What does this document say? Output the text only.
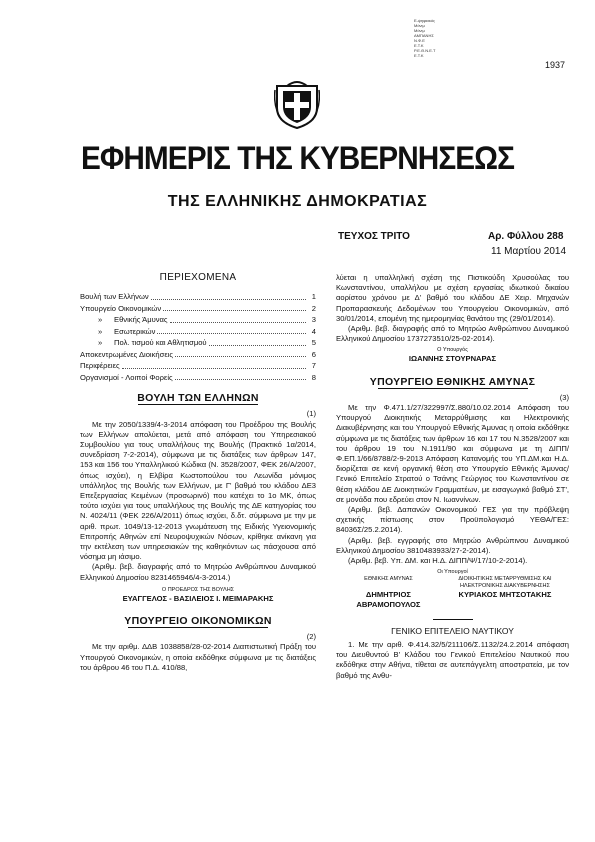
Ε-ψηφιακός
Μόνιμ
Μόνιμ
ΑΜΠΑΝΗΣ
Ν.Φ.Ε
Ε.Τ.Κ
Ρ.Ε.Θ.Ν.Ε.Τ
Ε.Τ.Κ
1937
ΕΦΗΜΕΡΙΣ ΤΗΣ ΚΥΒΕΡΝΗΣΕΩΣ
ΤΗΣ ΕΛΛΗΝΙΚΗΣ ΔΗΜΟΚΡΑΤΙΑΣ
ΤΕΥΧΟΣ ΤΡΙΤΟ	Αρ. Φύλλου 288
11 Μαρτίου 2014
ΠΕΡΙΕΧΟΜΕΝΑ
Βουλή των Ελλήνων	1
Υπουργείο Οικονομικών	2
»	Εθνικής Άμυνας	3
»	Εσωτερικών	4
»	Πολ. τισμού και Αθλητισμού	5
Αποκεντρωμένες Διοικήσεις	6
Περιφέρειες	7
Οργανισμοί - Λοιποί Φορείς	8
ΒΟΥΛΗ ΤΩΝ ΕΛΛΗΝΩΝ
(1)
Με την 2050/1339/4-3-2014 απόφαση του Προέδρου της Βουλής των Ελλήνων απολύεται, μετά από απόφαση του Υπηρεσιακού Συμβουλίου για τους υπαλλήλους της Βουλής (Πρακτικό 1α/2014, συνεδρίαση 7-2-2014), σύμφωνα με τις διατάξεις των άρθρων 147, 153 και 156 του Υπαλληλικού Κώδικα (Ν. 3528/2007, ΦΕΚ 26/Α/2007, όπως ισχύει), η Ελβίρα Κωστοπούλου του Λεωνίδα μόνιμος υπάλληλος της Βουλής των Ελλήνων, με Γ' βαθμό του κλάδου ΔΕ3 Επεξεργασίας Κειμένων (προσωρινό) που κατέχει το 1ο ΜΚ, όπως τούτο ισχύει για τους υπαλλήλους της Βουλής της ΔΕ κατηγορίας του Ν. 4024/11 (ΦΕΚ 226/Α/2011) όπως ισχύει, δ.δτ. σύμφωνα με την με αριθ. πρωτ. 1049/13-12-2013 γνωμάτευση της Ειδικής Υγειονομικής Επιτροπής Αθηνών επί Νευροψυχικών Νόσων, κρίθηκε ανίκανη για την εκτέλεση των υπηρεσιακών της καθηκόντων ως πάσχουσα από νόσημα μη ιάσιμο.
(Αριθμ. βεβ. διαγραφής από το Μητρώο Ανθρώπινου Δυναμικού Ελληνικού Δημοσίου 8231465946/4-3-2014.)
Ο ΠΡΟΕΔΡΟΣ ΤΗΣ ΒΟΥΛΗΣ
ΕΥΑΓΓΕΛΟΣ - ΒΑΣΙΛΕΙΟΣ Ι. ΜΕΙΜΑΡΑΚΗΣ
ΥΠΟΥΡΓΕΙΟ ΟΙΚΟΝΟΜΙΚΩΝ
(2)
Με την αριθμ. ΔΔΒ 1038858/28-02-2014 Διαπιστωτική Πράξη του Υπουργού Οικονομικών, η οποία εκδόθηκε σύμφωνα με τις διατάξεις του άρθρου 46 του Π.Δ. 410/88,
λύεται η υπαλληλική σχέση της Πιστικούδη Χρυσούλας του Κωνσταντίνου, υπαλλήλου με σχέση εργασίας ιδιωτικού δικαίου αορίστου χρόνου με Δ' βαθμό του κλάδου ΔΕ Χειρ. Μηχανών Προπαρασκευής Δεδομένων του Υπουργείου Οικονομικών, από 30/01/2014, επομένη της ημερομηνίας θανάτου της (29/01/2014).
(Αριθμ. βεβ. διαγραφής από το Μητρώο Ανθρώπινου Δυναμικού Ελληνικού Δημοσίου 1737273510/25-02-2014).
Ο Υπουργός
ΙΩΑΝΝΗΣ ΣΤΟΥΡΝΑΡΑΣ
ΥΠΟΥΡΓΕΙΟ ΕΘΝΙΚΗΣ ΑΜΥΝΑΣ
(3)
Με την Φ.471.1/27/322997/Σ.880/10.02.2014 Απόφαση του Υπουργού Διοικητικής Μεταρρύθμισης και Ηλεκτρονικής Διακυβέρνησης και του Υπουργού Εθνικής Άμυνας η οποία εκδόθηκε σύμφωνα με τις διατάξεις των άρθρων 16 και 17 του Ν.3528/2007 και του άρθρου 19 του Ν.1911/90 και σύμφωνα με τη ΔΙΠΠ/Φ.ΕΠ.1/66/8788/2-9-2013 Απόφαση Κατανομής του ΥΠ.ΔΜ.και Η.Δ. διορίζεται σε κενή οργανική θέση στο Υπουργείο Εθνικής Άμυνας/Γενικό Επιτελείο Στρατού ο Τσάνης Γεώργιος του Κωνσταντίνου σε θέση κλάδου ΔΕ Διοικητικών Γραμματέων, με εισαγωγικό βαθμό ΣΤ', σε μονάδα που εδρεύει στον Ν. Ιωαννίνων.
(Αριθμ. βεβ. Δαπανών Οικονομικού ΓΕΣ για την πρόβλεψη σχετικής πίστωσης στον Προϋπολογισμό ΥΕΘΑ/ΓΕΣ: 84036Σ/25.2.2014).
(Αριθμ. βεβ. εγγραφής στο Μητρώο Ανθρώπινου Δυναμικού Ελληνικού Δημοσίου 3810483933/27-2-2014).
(Αριθμ. βεβ. Υπ. ΔΜ. και Η.Δ. ΔΙΠΠ/Ψ/17/10-2-2014).
Οι Υπουργοί
ΕΘΝΙΚΗΣ ΑΜΥΝΑΣ	ΔΙΟΙΚΗΤΙΚΗΣ ΜΕΤΑΡΡΥΘΜΙΣΗΣ ΚΑΙ ΗΛΕΚΤΡΟΝΙΚΗΣ ΔΙΑΚΥΒΕΡΝΗΣΗΣ
ΔΗΜΗΤΡΙΟΣ ΑΒΡΑΜΟΠΟΥΛΟΣ
ΚΥΡΙΑΚΟΣ ΜΗΤΣΟΤΑΚΗΣ
ΓΕΝΙΚΟ ΕΠΙΤΕΛΕΙΟ ΝΑΥΤΙΚΟΥ
1. Με την αριθ. Φ.414.32/5/211106/Σ.1132/24.2.2014 απόφαση του Διευθυντού Β' Κλάδου του Γενικού Επιτελείου Ναυτικού που εκδόθηκε στην Αθήνα, τίθεται σε αυτεπάγγελτη αποστρατεία, με τον βαθμό της Ανθυ-
